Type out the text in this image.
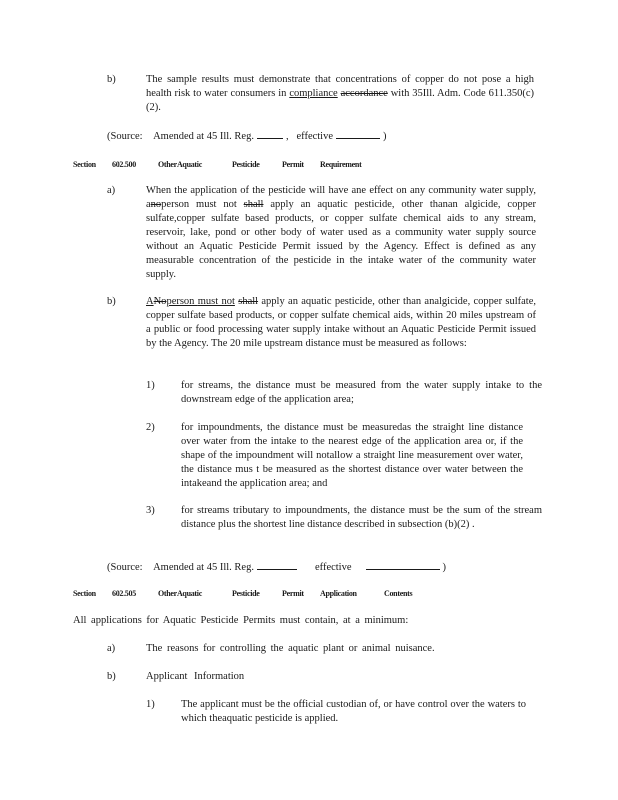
b)	The sample results must demonstrate that concentrations of copper do not pose a high health risk to water consumers in compliance accordance with 35Ill. Adm. Code 611.350(c)(2).
(Source: Amended at 45 Ill. Reg.	, effective	)
Section 602.500	OtherAquatic	Pesticide	Permit Requirement
a)	When the application of the pesticide will have ane effect on any community water supply, anoperson must not shall apply an aquatic pesticide, other thanan algicide, copper sulfate,copper sulfate based products, or copper sulfate chemical aids to any stream, reservoir, lake, pond or other body of water used as a community water supply source without an Aquatic Pesticide Permit issued by the Agency. Effect is defined as any measurable concentration of the pesticide in the intake water of the community water supply.
b)	ANoperson must not shall apply an aquatic pesticide, other than analgicide, copper sulfate, copper sulfate based products, or copper sulfate chemical aids, within 20 miles upstream of a public or food processing water supply intake without an Aquatic Pesticide Permit issued by the Agency. The 20 mile upstream distance must be measured as follows:
1)	for streams, the distance must be measured from the water supply intake to the downstream edge of the application area;
2)	for impoundments, the distance must be measuredas the straight line distance over water from the intake to the nearest edge of the application area or, if the shape of the impoundment will notallow a straight line measurement over water, the distance mus t be measured as the shortest distance over water between the intakeand the application area; and
3)	for streams tributary to impoundments, the distance must be the sum of the stream distance plus the shortest line distance described in subsection (b)(2) .
(Source: Amended at 45 Ill. Reg.	effective	)
Section 602.505	OtherAquatic	Pesticide	Permit Application	Contents
All applications for Aquatic Pesticide Permits must contain, at a minimum:
a)	The reasons for controlling the aquatic plant or animal nuisance.
b)	Applicant Information
1)	The applicant must be the official custodian of, or have control over the waters to which theaquatic pesticide is applied.
